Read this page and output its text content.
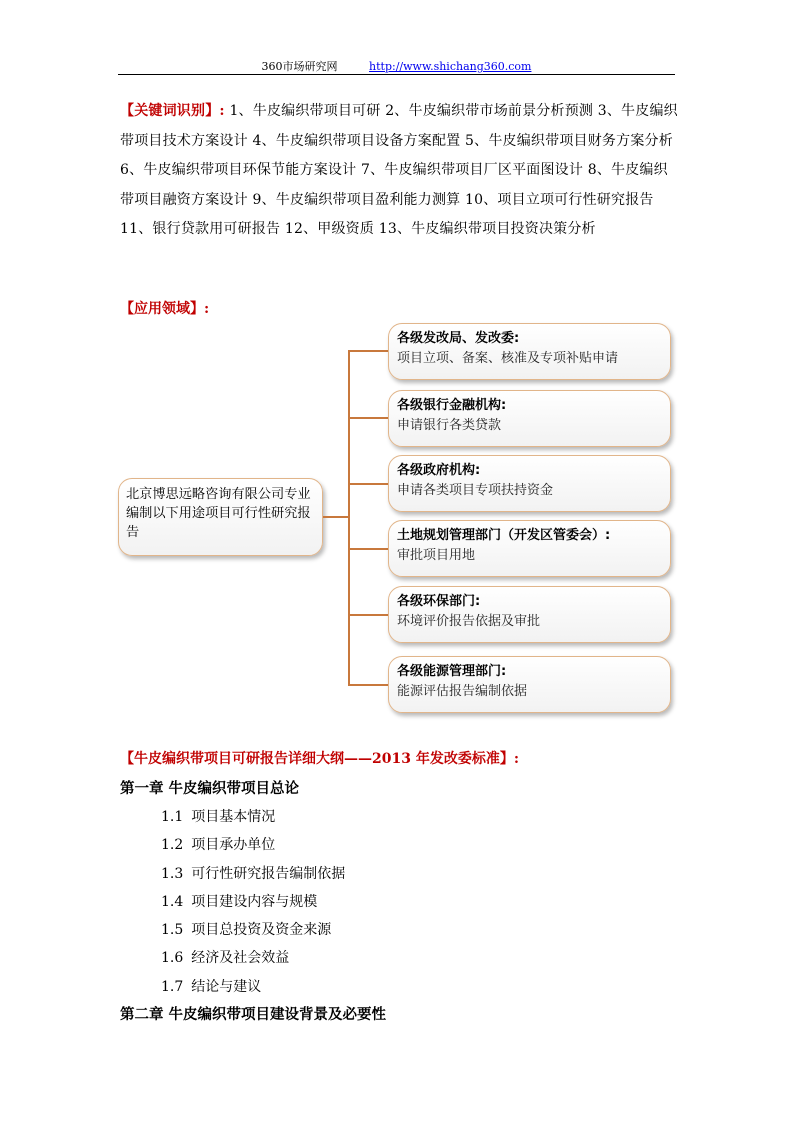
360市场研究网	http://www.shichang360.com
【关键词识别】: 1、牛皮编织带项目可研 2、牛皮编织带市场前景分析预测 3、牛皮编织带项目技术方案设计 4、牛皮编织带项目设备方案配置 5、牛皮编织带项目财务方案分析 6、牛皮编织带项目环保节能方案设计 7、牛皮编织带项目厂区平面图设计 8、牛皮编织带项目融资方案设计 9、牛皮编织带项目盈利能力测算 10、项目立项可行性研究报告 11、银行贷款用可研报告 12、甲级资质 13、牛皮编织带项目投资决策分析
【应用领域】:
北京博思远略咨询有限公司专业编制以下用途项目可行性研究报告
各级发改局、发改委:
项目立项、备案、核准及专项补贴申请
各级银行金融机构:
申请银行各类贷款
各级政府机构:
申请各类项目专项扶持资金
土地规划管理部门（开发区管委会）:
审批项目用地
各级环保部门:
环境评价报告依据及审批
各级能源管理部门:
能源评估报告编制依据
【牛皮编织带项目可研报告详细大纲——2013 年发改委标准】:
第一章 牛皮编织带项目总论
1.1 项目基本情况
1.2 项目承办单位
1.3 可行性研究报告编制依据
1.4 项目建设内容与规模
1.5 项目总投资及资金来源
1.6 经济及社会效益
1.7 结论与建议
第二章 牛皮编织带项目建设背景及必要性
